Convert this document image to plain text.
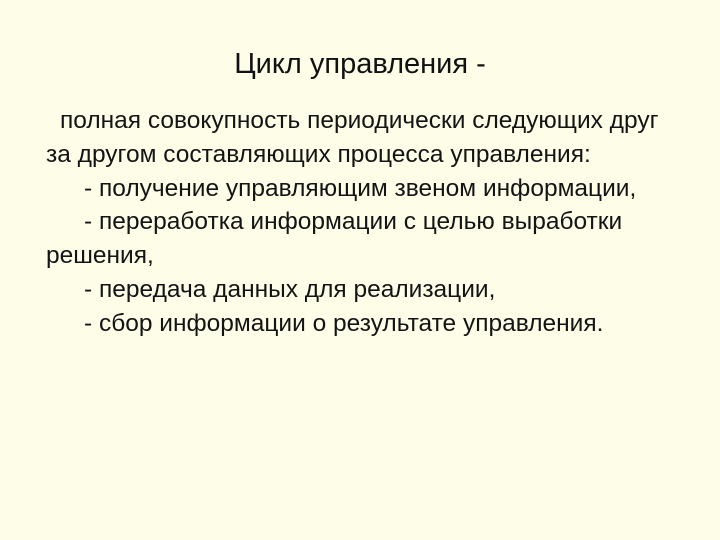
Цикл управления -

полная совокупность периодически следующих друг за другом составляющих процесса управления:

- получение управляющим звеном информации,

- переработка информации с целью выработки решения,

- передача данных для реализации,

- сбор информации о результате управления.
